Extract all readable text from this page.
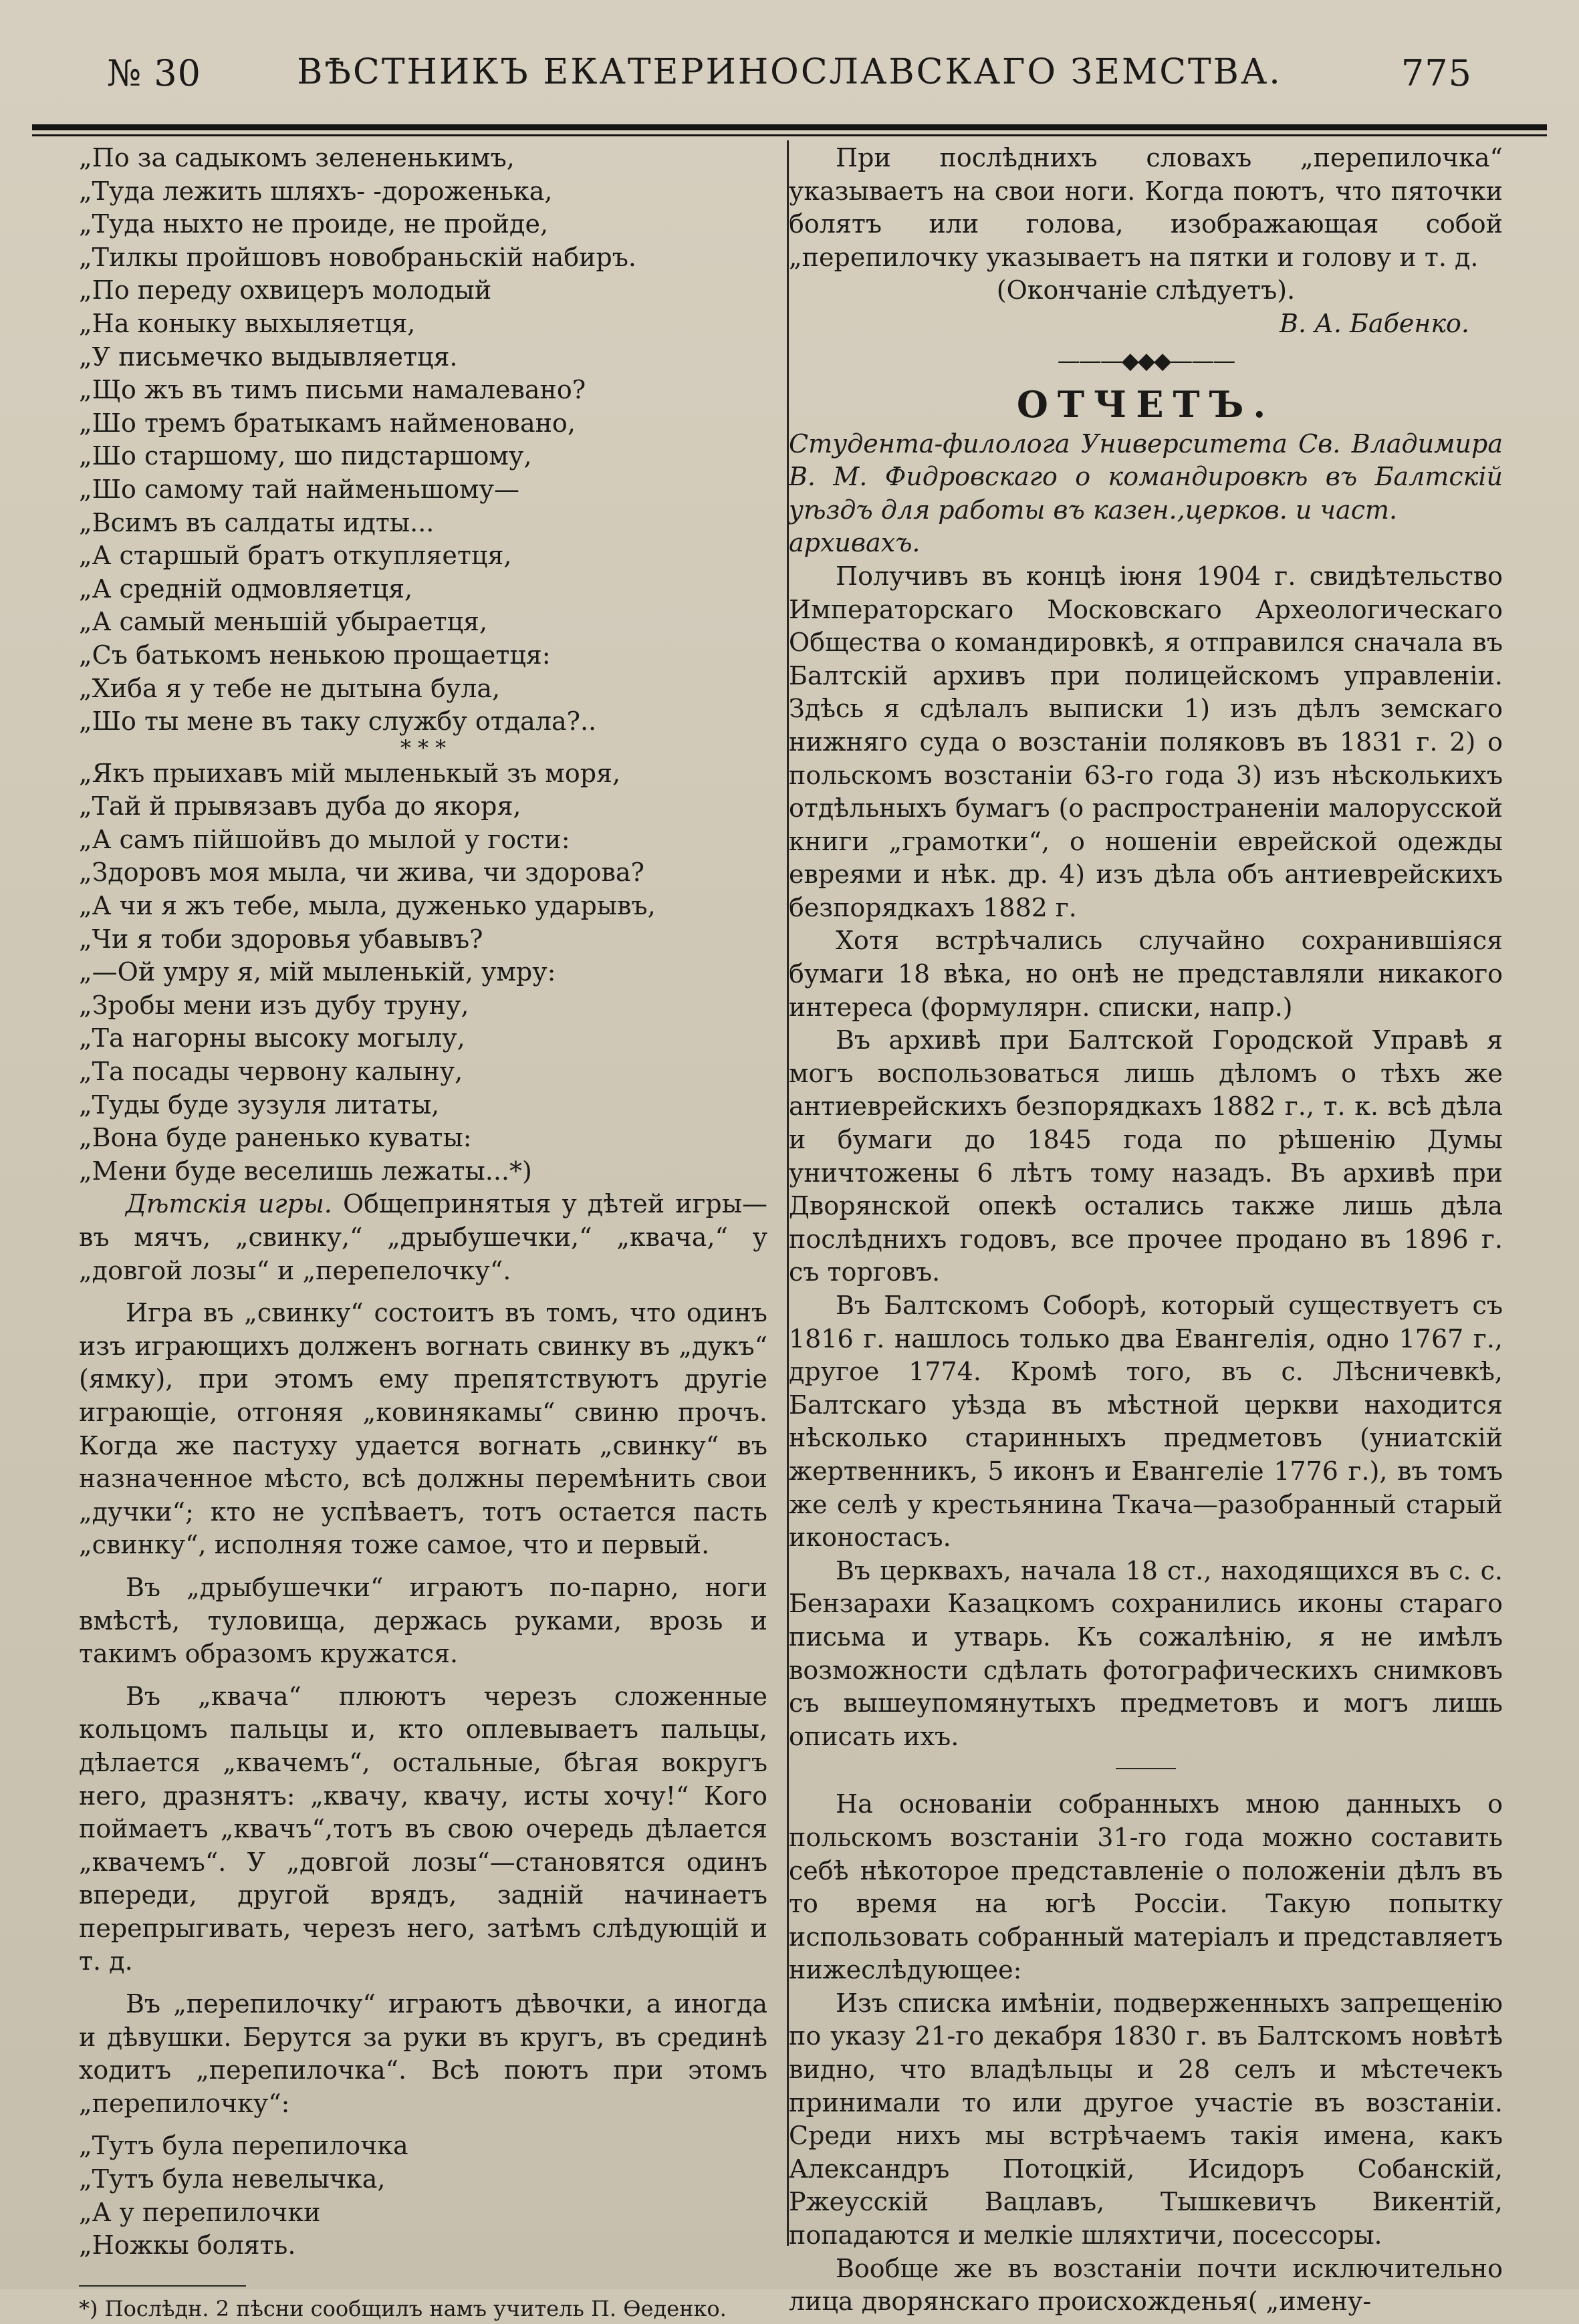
№ 30	ВѢСТНИКЪ ЕКАТЕРИНОСЛАВСКАГО ЗЕМСТВА.	775
„По за садыкомъ зелененькимъ,
„Туда лежить шляхъ- -дороженька,
„Туда ныхто не проиде, не пройде,
„Тилкы пройшовъ новобраньскій набиръ.
„По переду охвицеръ молодый
„На коныку выхыляетця,
„У письмечко выдывляетця.
„Що жъ въ тимъ письми намалевано?
„Шо тремъ братыкамъ найменовано,
„Шо старшому, шо пидстаршому,
„Шо самому тай найменьшому—
„Всимъ въ салдаты идты...
„А старшый братъ откупляетця,
„А средній одмовляетця,
„А самый меньшій убыраетця,
„Съ батькомъ ненькою прощаетця:
„Хиба я у тебе не дытына була,
„Шо ты мене въ таку службу отдала?..
* * *
„Якъ прыихавъ мій мыленькый зъ моря,
„Тай й прывязавъ дуба до якоря,
„А самъ пійшойвъ до мылой у гости:
„Здоровъ моя мыла, чи жива, чи здорова?
„А чи я жъ тебе, мыла, дуженько ударывъ,
„Чи я тоби здоровья убавывъ?
„—Ой умру я, мій мыленькій, умру:
„Зробы мени изъ дубу труну,
„Та нагорны высоку могылу,
„Та посады червону калыну,
„Туды буде зузуля литаты,
„Вона буде раненько куваты:
„Мени буде веселишь лежаты...*)

Дѣтскія игры. Общепринятыя у дѣтей игры— въ мячъ, „свинку,“ „дрыбушечки,“ „квача,“ у „довгой лозы“ и „перепелочку“.

Игра въ „свинку“ состоитъ въ томъ, что одинъ изъ играющихъ долженъ вогнать свинку въ „дукъ“ (ямку), при этомъ ему препятствуютъ другіе играющіе, отгоняя „ковинякамы“ свиню прочъ. Когда же пастуху удается вогнать „свинку“ въ назначенное мѣсто, всѣ должны перемѣнить свои „дучки“; кто не успѣваетъ, тотъ остается пасть „свинку“, исполняя тоже самое, что и первый.

Въ „дрыбушечки“ играютъ по-парно, ноги вмѣстѣ, туловища, держась руками, врозь и такимъ образомъ кружатся.

Въ „квача“ плюютъ черезъ сложенные кольцомъ пальцы и, кто оплевываетъ пальцы, дѣлается „квачемъ“, остальные, бѣгая вокругъ него, дразнятъ: „квачу, квачу, исты хочу!“ Кого поймаетъ „квачъ“,тотъ въ свою очередь дѣлается „квачемъ“. У „довгой лозы“—становятся одинъ впереди, другой врядъ, задній начинаетъ перепрыгивать, черезъ него, затѣмъ слѣдующій и т. д.

Въ „перепилочку“ играютъ дѣвочки, а иногда и дѣвушки. Берутся за руки въ кругъ, въ срединѣ ходитъ „перепилочка“. Всѣ поютъ при этомъ „перепилочку“:

„Тутъ була перепилочка
„Тутъ була невелычка,
„А у перепилочки
„Ножкы болять.
*) Послѣдн. 2 пѣсни сообщилъ намъ учитель П. Өеденко.

При послѣднихъ словахъ „перепилочка“ указываетъ на свои ноги. Когда поютъ, что пяточки болятъ или голова, изображающая собой „перепилочку указываетъ на пятки и голову и т. д.

(Окончаніе слѣдуетъ).
В. А. Бабенко.
———◆◆◆———
ОТЧЕТЪ.
Студента-филолога Университета Св. Владимира
В. М. Фидровскаго о командировкѣ въ Балтскій
уѣздъ для работы въ казен.,церков. и част. архивахъ.

Получивъ въ концѣ іюня 1904 г. свидѣтельство Императорскаго Московскаго Археологическаго Общества о командировкѣ, я отправился сначала въ Балтскій архивъ при полицейскомъ управленіи. Здѣсь я сдѣлалъ выписки 1) изъ дѣлъ земскаго нижняго суда о возстаніи поляковъ въ 1831 г. 2) о польскомъ возстаніи 63-го года 3) изъ нѣсколькихъ отдѣльныхъ бумагъ (о распространеніи малорусской книги „грамотки“, о ношеніи еврейской одежды евреями и нѣк. др. 4) изъ дѣла объ антиеврейскихъ безпорядкахъ 1882 г.

Хотя встрѣчались случайно сохранившіяся бумаги 18 вѣка, но онѣ не представляли никакого интереса (формулярн. списки, напр.)

Въ архивѣ при Балтской Городской Управѣ я могъ воспользоваться лишь дѣломъ о тѣхъ же антиеврейскихъ безпорядкахъ 1882 г., т. к. всѣ дѣла и бумаги до 1845 года по рѣшенію Думы уничтожены 6 лѣтъ тому назадъ. Въ архивѣ при Дворянской опекѣ остались также лишь дѣла послѣднихъ годовъ, все прочее продано въ 1896 г. съ торговъ.

Въ Балтскомъ Соборѣ, который существуетъ съ 1816 г. нашлось только два Евангелія, одно 1767 г., другое 1774. Кромѣ того, въ с. Лѣсничевкѣ, Балтскаго уѣзда въ мѣстной церкви находится нѣсколько старинныхъ предметовъ (униатскій жертвенникъ, 5 иконъ и Евангеліе 1776 г.), въ томъ же селѣ у крестьянина Ткача—разобранный старый иконостасъ.

Въ церквахъ, начала 18 ст., находящихся въ с. с. Бензарахи Казацкомъ сохранились иконы стараго письма и утварь. Къ сожалѣнію, я не имѣлъ возможности сдѣлать фотографическихъ снимковъ съ вышеупомянутыхъ предметовъ и могъ лишь описать ихъ.

На основаніи собранныхъ мною данныхъ о польскомъ возстаніи 31-го года можно составить себѣ нѣкоторое представленіе о положеніи дѣлъ въ то время на югѣ Россіи. Такую попытку использовать собранный матеріалъ и представляетъ нижеслѣдующее:

Изъ списка имѣніи, подверженныхъ запрещенію по указу 21-го декабря 1830 г. въ Балтскомъ новѣтѣ видно, что владѣльцы и 28 селъ и мѣстечекъ принимали то или другое участіе въ возстаніи. Среди нихъ мы встрѣчаемъ такія имена, какъ Александръ Потоцкій, Исидоръ Собанскій, Ржеусскій Вацлавъ, Тышкевичъ Викентій, попадаются и мелкіе шляхтичи, посессоры.

Вообще же въ возстаніи почти исключительно лица дворянскаго происхожденья( „имену-
